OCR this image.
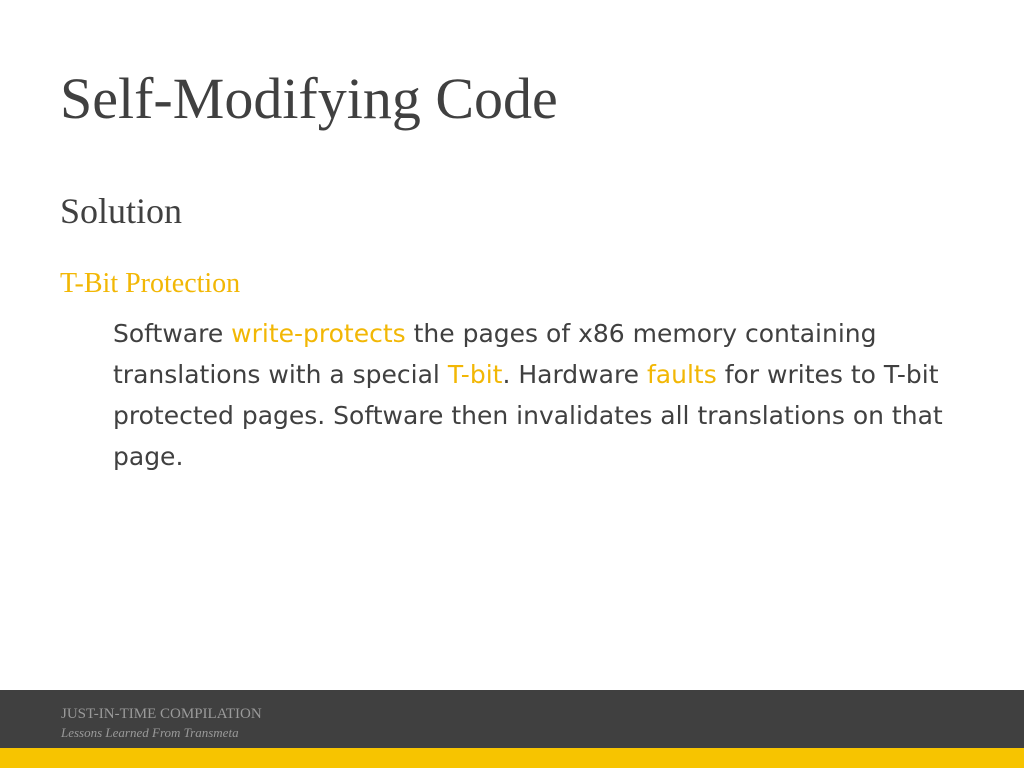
Self-Modifying Code
Solution
T-Bit Protection

Software write-protects the pages of x86 memory containing translations with a special T-bit. Hardware faults for writes to T-bit protected pages. Software then invalidates all translations on that page.

JUST-IN-TIME COMPILATION
Lessons Learned From Transmeta
